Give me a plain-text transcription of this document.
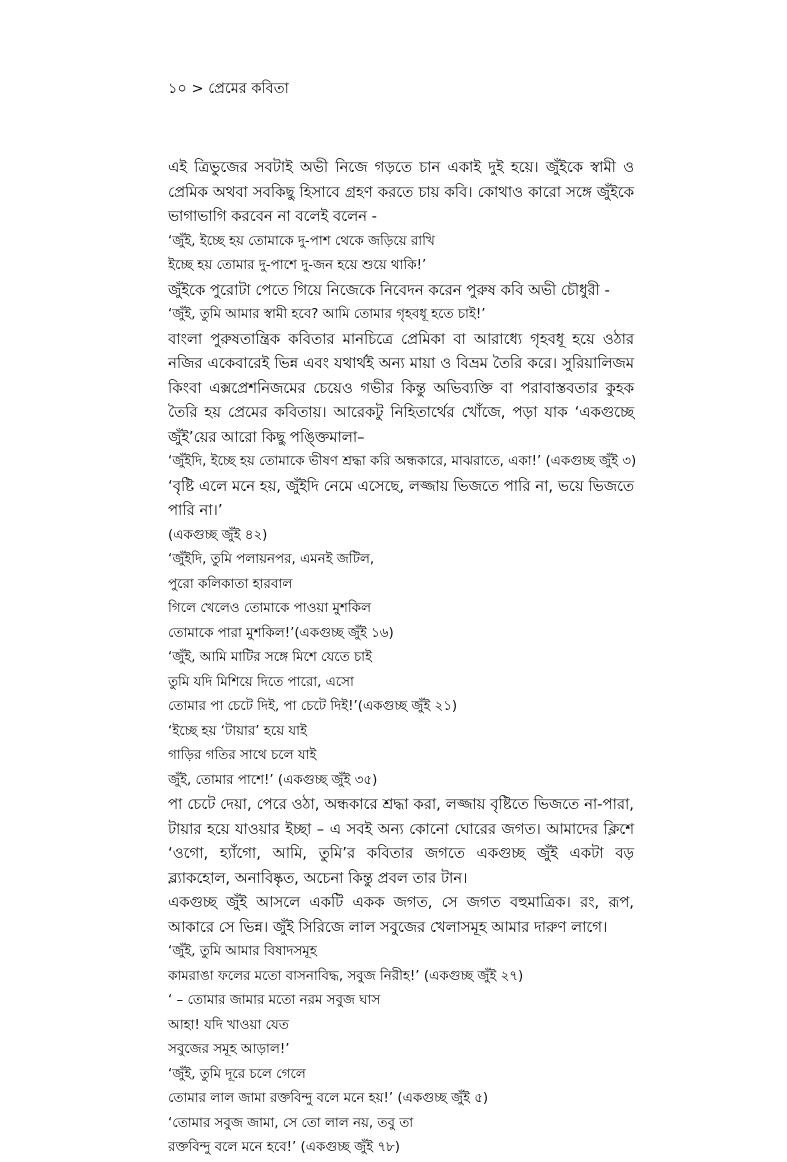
১০ > প্রেমের কবিতা

এই ত্রিভুজের সবটাই অভী নিজে গড়তে চান একাই দুই হয়ে। জুঁইকে স্বামী ও প্রেমিক অথবা সবকিছু হিসাবে গ্রহণ করতে চায় কবি। কোথাও কারো সঙ্গে জুঁইকে ভাগাভাগি করবেন না বলেই বলেন -

‘জুঁই, ইচ্ছে হয় তোমাকে দু-পাশ থেকে জড়িয়ে রাখি
ইচ্ছে হয় তোমার দু-পাশে দু-জন হয়ে শুয়ে থাকি!’

জুঁইকে পুরোটা পেতে গিয়ে নিজেকে নিবেদন করেন পুরুষ কবি অভী চৌধুরী -

‘জুঁই, তুমি আমার স্বামী হবে? আমি তোমার গৃহবধূ হতে চাই!’

বাংলা পুরুষতান্ত্রিক কবিতার মানচিত্রে প্রেমিকা বা আরাধ্যে গৃহবধূ হয়ে ওঠার নজির একেবারেই ভিন্ন এবং যথার্থই অন্য মায়া ও বিভ্রম তৈরি করে। সুরিয়ালিজম কিংবা এক্সপ্রেশনিজমের চেয়েও গভীর কিন্তু অভিব্যক্তি বা পরাবাস্তবতার কুহক তৈরি হয় প্রেমের কবিতায়। আরেকটু নিহিতার্থের খোঁজে, পড়া যাক ‘একগুচ্ছে জুঁই’য়ের আরো কিছু পঙ্ক্তিমালা–

‘জুঁইদি, ইচ্ছে হয় তোমাকে ভীষণ শ্রদ্ধা করি অন্ধকারে, মাঝরাতে, একা!’ (একগুচ্ছ জুঁই ৩)

‘বৃষ্টি এলে মনে হয়, জুঁইদি নেমে এসেছে, লজ্জায় ভিজতে পারি না, ভয়ে ভিজতে পারি না।’

(একগুচ্ছ জুঁই ৪২)
‘জুঁইদি, তুমি পলায়নপর, এমনই জটিল,
পুরো কলিকাতা হারবাল
গিলে খেলেও তোমাকে পাওয়া মুশকিল
তোমাকে পারা মুশকিল!’(একগুচ্ছ জুঁই ১৬)
‘জুঁই, আমি মাটির সঙ্গে মিশে যেতে চাই
তুমি যদি মিশিয়ে দিতে পারো, এসো
তোমার পা চেটে দিই, পা চেটে দিই!’(একগুচ্ছ জুঁই ২১)
‘ইচ্ছে হয় ‘টায়ার’ হয়ে যাই
গাড়ির গতির সাথে চলে যাই
জুঁই, তোমার পাশে!’ (একগুচ্ছ জুঁই ৩৫)

পা চেটে দেয়া, পেরে ওঠা, অন্ধকারে শ্রদ্ধা করা, লজ্জায় বৃষ্টিতে ভিজতে না-পারা, টায়ার হয়ে যাওয়ার ইচ্ছা – এ সবই অন্য কোনো ঘোরের জগত। আমাদের ক্লিশে ‘ওগো, হ্যাঁগো, আমি, তুমি’র কবিতার জগতে একগুচ্ছ জুঁই একটা বড় ব্ল্যাকহোল, অনাবিষ্কৃত, অচেনা কিন্তু প্রবল তার টান।

একগুচ্ছ জুঁই আসলে একটি একক জগত, সে জগত বহুমাত্রিক। রং, রূপ, আকারে সে ভিন্ন। জুঁই সিরিজে লাল সবুজের খেলাসমূহ আমার দারুণ লাগে।

‘জুঁই, তুমি আমার বিষাদসমূহ
কামরাঙা ফলের মতো বাসনাবিদ্ধ, সবুজ নিরীহ!’ (একগুচ্ছ জুঁই ২৭)
‘ – তোমার জামার মতো নরম সবুজ ঘাস
আহা! যদি খাওয়া যেত
সবুজের সমূহ আড়াল!’
‘জুঁই, তুমি দূরে চলে গেলে
তোমার লাল জামা রক্তবিন্দু বলে মনে হয়!’ (একগুচ্ছ জুঁই ৫)
‘তোমার সবুজ জামা, সে তো লাল নয়, তবু তা
রক্তবিন্দু বলে মনে হবে!’ (একগুচ্ছ জুঁই ৭৮)
